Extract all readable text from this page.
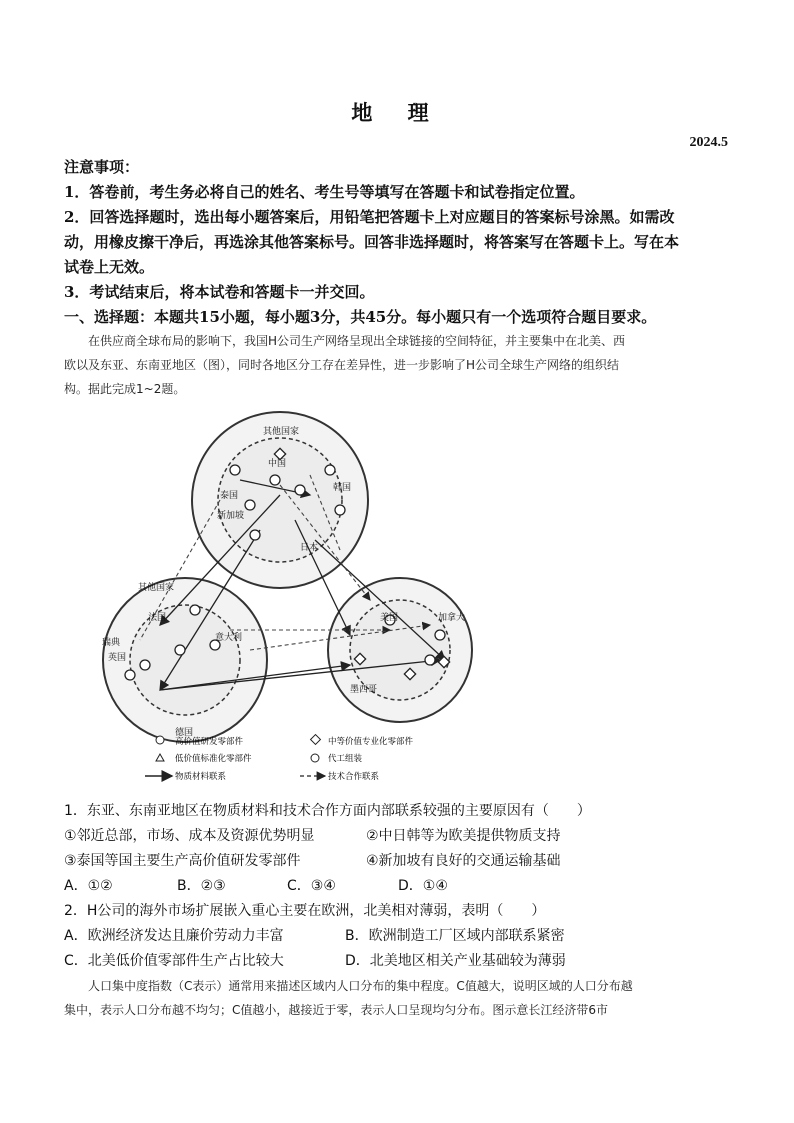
地 理
2024.5
注意事项：
1．答卷前，考生务必将自己的姓名、考生号等填写在答题卡和试卷指定位置。
2．回答选择题时，选出每小题答案后，用铅笔把答题卡上对应题目的答案标号涂黑。如需改
动，用橡皮擦干净后，再选涂其他答案标号。回答非选择题时，将答案写在答题卡上。写在本
试卷上无效。
3．考试结束后，将本试卷和答题卡一并交回。
一、选择题：本题共15小题，每小题3分，共45分。每小题只有一个选项符合题目要求。
在供应商全球布局的影响下，我国H公司生产网络呈现出全球链接的空间特征，并主要集中在北美、西
欧以及东亚、东南亚地区（图），同时各地区分工存在差异性，进一步影响了H公司全球生产网络的组织结
构。据此完成1~2题。
其他国家
中国
泰国
韩国
新加坡
日本
其他国家
法国
瑞典	意大利
英国
德国
美国	加拿大
墨西哥
高价值研发零部件	中等价值专业化零部件
低价值标准化零部件	代工组装
物质材料联系	技术合作联系
1．东亚、东南亚地区在物质材料和技术合作方面内部联系较强的主要原因有（　　）
①邻近总部，市场、成本及资源优势明显	②中日韩等为欧美提供物质支持
③泰国等国主要生产高价值研发零部件	④新加坡有良好的交通运输基础
A．①②	B．②③	C．③④	D．①④
2．H公司的海外市场扩展嵌入重心主要在欧洲，北美相对薄弱，表明（　　）
A．欧洲经济发达且廉价劳动力丰富	B．欧洲制造工厂区域内部联系紧密
C．北美低价值零部件生产占比较大	D．北美地区相关产业基础较为薄弱
人口集中度指数（C表示）通常用来描述区域内人口分布的集中程度。C值越大，说明区域的人口分布越
集中，表示人口分布越不均匀；C值越小，越接近于零，表示人口呈现均匀分布。图示意长江经济带6市
